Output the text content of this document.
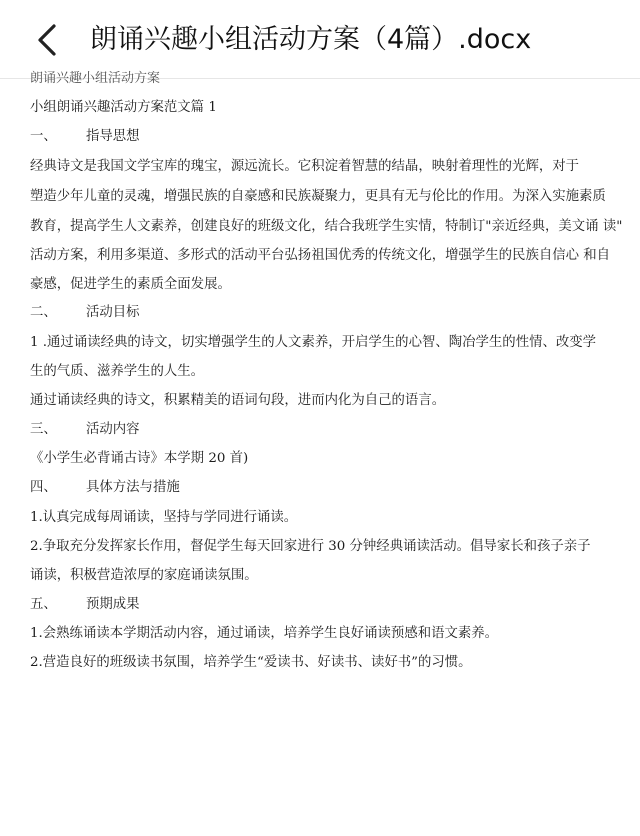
朗诵兴趣小组活动方案（4篇）.docx
朗诵兴趣小组活动方案
小组朗诵兴趣活动方案范文篇 1
一、 指导思想
经典诗文是我国文学宝库的瑰宝，源远流长。它积淀着智慧的结晶，映射着理性的光辉，对于
塑造少年儿童的灵魂，增强民族的自豪感和民族凝聚力，更具有无与伦比的作用。为深入实施素质
教育，提高学生人文素养，创建良好的班级文化，结合我班学生实情，特制订"亲近经典，美文诵 读"
活动方案，利用多渠道、多形式的活动平台弘扬祖国优秀的传统文化，增强学生的民族自信心 和自
豪感，促进学生的素质全面发展。
二、 活动目标
1 .通过诵读经典的诗文，切实增强学生的人文素养，开启学生的心智、陶冶学生的性情、改变学
生的气质、滋养学生的人生。
通过诵读经典的诗文，积累精美的语词句段，进而内化为自己的语言。
三、 活动内容
《小学生必背诵古诗》本学期 20 首)
四、 具体方法与措施
1.认真完成每周诵读，坚持与学同进行诵读。
2.争取充分发挥家长作用，督促学生每天回家进行 30 分钟经典诵读活动。倡导家长和孩子亲子
诵读，积极营造浓厚的家庭诵读氛围。
五、 预期成果
1.会熟练诵读本学期活动内容，通过诵读，培养学生良好诵读预感和语文素养。
2.营造良好的班级读书氛围，培养学生“爱读书、好读书、读好书”的习惯。
